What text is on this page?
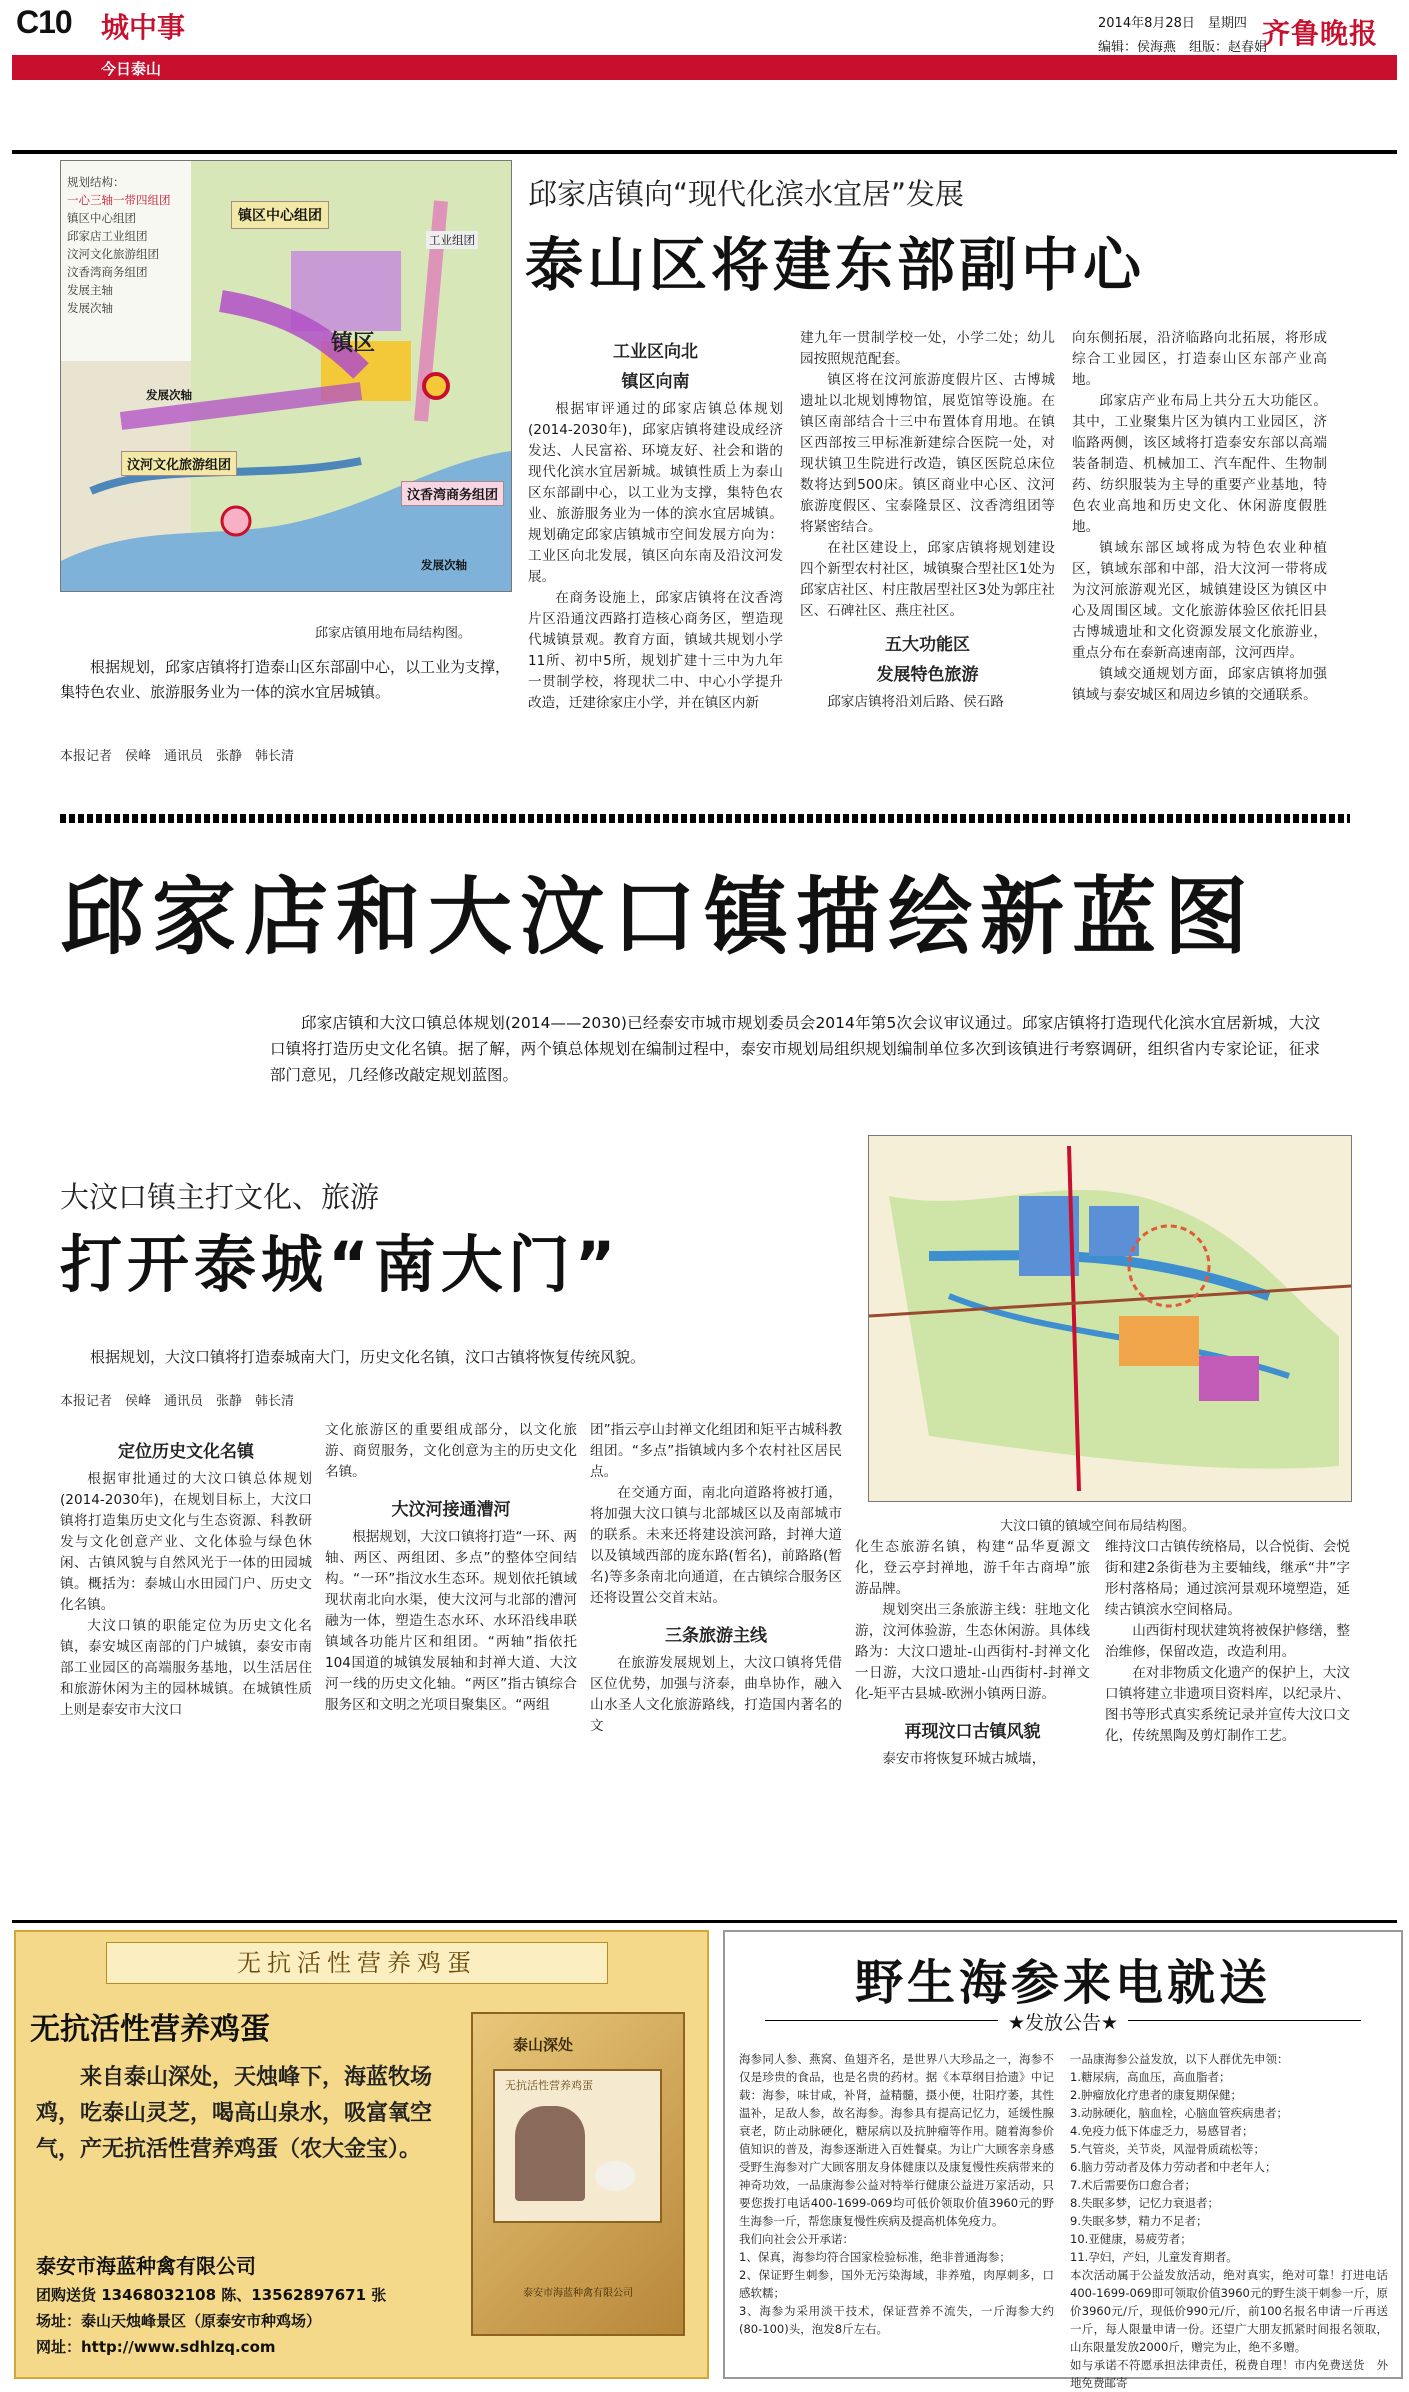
C10 城中事
今日泰山
2014年8月28日　星期四
编辑：侯海燕　组版：赵春娟
齐鲁晚报
规划结构：
一心三轴一带四组团
镇区中心组团
邱家店工业组团
汶河文化旅游组团
汶香湾商务组团
发展主轴
发展次轴
镇区中心组团
镇区
汶河文化旅游组团
汶香湾商务组团
发展次轴
发展次轴
工业组团
邱家店镇用地布局结构图。
邱家店镇向“现代化滨水宜居”发展
泰山区将建东部副中心

根据规划，邱家店镇将打造泰山区东部副中心，以工业为支撑，集特色农业、旅游服务业为一体的滨水宜居城镇。

本报记者　侯峰　通讯员　张静　韩长清
工业区向北
镇区向南

根据审评通过的邱家店镇总体规划(2014-2030年)，邱家店镇将建设成经济发达、人民富裕、环境友好、社会和谐的现代化滨水宜居新城。城镇性质上为泰山区东部副中心，以工业为支撑，集特色农业、旅游服务业为一体的滨水宜居城镇。规划确定邱家店镇城市空间发展方向为：工业区向北发展，镇区向东南及沿汶河发展。

在商务设施上，邱家店镇将在汶香湾片区沿通汶西路打造核心商务区，塑造现代城镇景观。教育方面，镇域共规划小学11所、初中5所，规划扩建十三中为九年一贯制学校，将现状二中、中心小学提升改造，迁建徐家庄小学，并在镇区内新

建九年一贯制学校一处，小学二处；幼儿园按照规范配套。

镇区将在汶河旅游度假片区、古博城遗址以北规划博物馆，展览馆等设施。在镇区南部结合十三中布置体育用地。在镇区西部按三甲标准新建综合医院一处，对现状镇卫生院进行改造，镇区医院总床位数将达到500床。镇区商业中心区、汶河旅游度假区、宝泰隆景区、汶香湾组团等将紧密结合。

在社区建设上，邱家店镇将规划建设四个新型农村社区，城镇聚合型社区1处为邱家店社区、村庄散居型社区3处为郭庄社区、石碑社区、燕庄社区。

五大功能区
发展特色旅游

邱家店镇将沿刘后路、侯石路

向东侧拓展，沿济临路向北拓展，将形成综合工业园区，打造泰山区东部产业高地。

邱家店产业布局上共分五大功能区。其中，工业聚集片区为镇内工业园区，济临路两侧，该区域将打造泰安东部以高端装备制造、机械加工、汽车配件、生物制药、纺织服装为主导的重要产业基地，特色农业高地和历史文化、休闲游度假胜地。

镇域东部区域将成为特色农业种植区，镇域东部和中部，沿大汶河一带将成为汶河旅游观光区，城镇建设区为镇区中心及周围区域。文化旅游体验区依托旧县古博城遗址和文化资源发展文化旅游业，重点分布在泰新高速南部，汶河西岸。

镇域交通规划方面，邱家店镇将加强镇域与泰安城区和周边乡镇的交通联系。

邱家店和大汶口镇描绘新蓝图

邱家店镇和大汶口镇总体规划(2014——2030)已经泰安市城市规划委员会2014年第5次会议审议通过。邱家店镇将打造现代化滨水宜居新城，大汶口镇将打造历史文化名镇。据了解，两个镇总体规划在编制过程中，泰安市规划局组织规划编制单位多次到该镇进行考察调研，组织省内专家论证，征求部门意见，几经修改敲定规划蓝图。

大汶口镇主打文化、旅游
打开泰城“南大门”

根据规划，大汶口镇将打造泰城南大门，历史文化名镇，汶口古镇将恢复传统风貌。

本报记者　侯峰　通讯员　张静　韩长清
大汶口镇的镇域空间布局结构图。
定位历史文化名镇

根据审批通过的大汶口镇总体规划(2014-2030年)，在规划目标上，大汶口镇将打造集历史文化与生态资源、科教研发与文化创意产业、文化体验与绿色休闲、古镇风貌与自然风光于一体的田园城镇。概括为：泰城山水田园门户、历史文化名镇。

大汶口镇的职能定位为历史文化名镇，泰安城区南部的门户城镇，泰安市南部工业园区的高端服务基地，以生活居住和旅游休闲为主的园林城镇。在城镇性质上则是泰安市大汶口

文化旅游区的重要组成部分，以文化旅游、商贸服务，文化创意为主的历史文化名镇。

大汶河接通漕河

根据规划，大汶口镇将打造“一环、两轴、两区、两组团、多点”的整体空间结构。“一环”指汶水生态环。规划依托镇域现状南北向水渠，使大汶河与北部的漕河融为一体，塑造生态水环、水环沿线串联镇域各功能片区和组团。“两轴”指依托104国道的城镇发展轴和封禅大道、大汶河一线的历史文化轴。“两区”指古镇综合服务区和文明之光项目聚集区。“两组

团”指云亭山封禅文化组团和矩平古城科教组团。“多点”指镇域内多个农村社区居民点。

在交通方面，南北向道路将被打通，将加强大汶口镇与北部城区以及南部城市的联系。未来还将建设滨河路，封禅大道以及镇域西部的庞东路(暂名)，前路路(暂名)等多条南北向通道，在古镇综合服务区还将设置公交首末站。

三条旅游主线

在旅游发展规划上，大汶口镇将凭借区位优势，加强与济泰，曲阜协作，融入山水圣人文化旅游路线，打造国内著名的文

化生态旅游名镇，构建“品华夏源文化，登云亭封禅地，游千年古商埠”旅游品牌。

规划突出三条旅游主线：驻地文化游，汶河体验游，生态休闲游。具体线路为：大汶口遗址-山西街村-封禅文化一日游，大汶口遗址-山西街村-封禅文化-矩平古县城-欧洲小镇两日游。

再现汶口古镇风貌

泰安市将恢复环城古城墙，

维持汶口古镇传统格局，以合悦街、会悦街和建2条街巷为主要轴线，继承“井”字形村落格局；通过滨河景观环境塑造，延续古镇滨水空间格局。

山西街村现状建筑将被保护修缮，整治维修，保留改造，改造利用。

在对非物质文化遗产的保护上，大汶口镇将建立非遗项目资料库，以纪录片、图书等形式真实系统记录并宣传大汶口文化，传统黑陶及剪灯制作工艺。

无抗活性营养鸡蛋
无抗活性营养鸡蛋
来自泰山深处，天烛峰下，海蓝牧场鸡，吃泰山灵芝，喝高山泉水，吸富氧空气，产无抗活性营养鸡蛋（农大金宝）。
泰安市海蓝种禽有限公司
团购送货 13468032108 陈、13562897671 张
场址：泰山天烛峰景区（原泰安市种鸡场）
网址：http://www.sdhlzq.com
泰山深处
无抗活性营养鸡蛋
泰安市海蓝种禽有限公司
野生海参来电就送
★发放公告★
海参同人参、燕窝、鱼翅齐名，是世界八大珍品之一，海参不仅是珍贵的食品，也是名贵的药材。据《本草纲目拾遗》中记载：海参，味甘咸，补肾，益精髓，摄小便，壮阳疗萎，其性温补，足敌人参，故名海参。海参具有提高记忆力，延缓性腺衰老，防止动脉硬化，糖尿病以及抗肿瘤等作用。随着海参价值知识的普及，海参逐渐进入百姓餐桌。为让广大顾客亲身感受野生海参对广大顾客朋友身体健康以及康复慢性疾病带来的神奇功效，一品康海参公益对特举行健康公益进万家活动，只要您拨打电话400-1699-069均可低价领取价值3960元的野生海参一斤，帮您康复慢性疾病及提高机体免疫力。
我们向社会公开承诺：
1、保真，海参均符合国家检验标准，绝非普通海参；
2、保证野生刺参，国外无污染海域，非养殖，肉厚刺多，口感软糯；
3、海参为采用淡干技术，保证营养不流失，一斤海参大约(80-100)头，泡发8斤左右。
一品康海参公益发放，以下人群优先申领：
1.糖尿病，高血压，高血脂者；
2.肿瘤放化疗患者的康复期保健；
3.动脉硬化，脑血栓，心脑血管疾病患者；
4.免疫力低下体虚乏力，易感冒者；
5.气管炎，关节炎，风湿骨质疏松等；
6.脑力劳动者及体力劳动者和中老年人；
7.术后需要伤口愈合者；
8.失眠多梦，记忆力衰退者；
9.失眠多梦，精力不足者；
10.亚健康，易疲劳者；
11.孕妇，产妇，儿童发育期者。
本次活动属于公益发放活动，绝对真实，绝对可靠！打进电话400-1699-069即可领取价值3960元的野生淡干刺参一斤，原价3960元/斤，现低价990元/斤，前100名报名申请一斤再送一斤，每人限量申请一份。还望广大朋友抓紧时间报名领取，山东限量发放2000斤，赠完为止，绝不多赠。
如与承诺不符愿承担法律责任，税费自理！市内免费送货　外地免费邮寄
